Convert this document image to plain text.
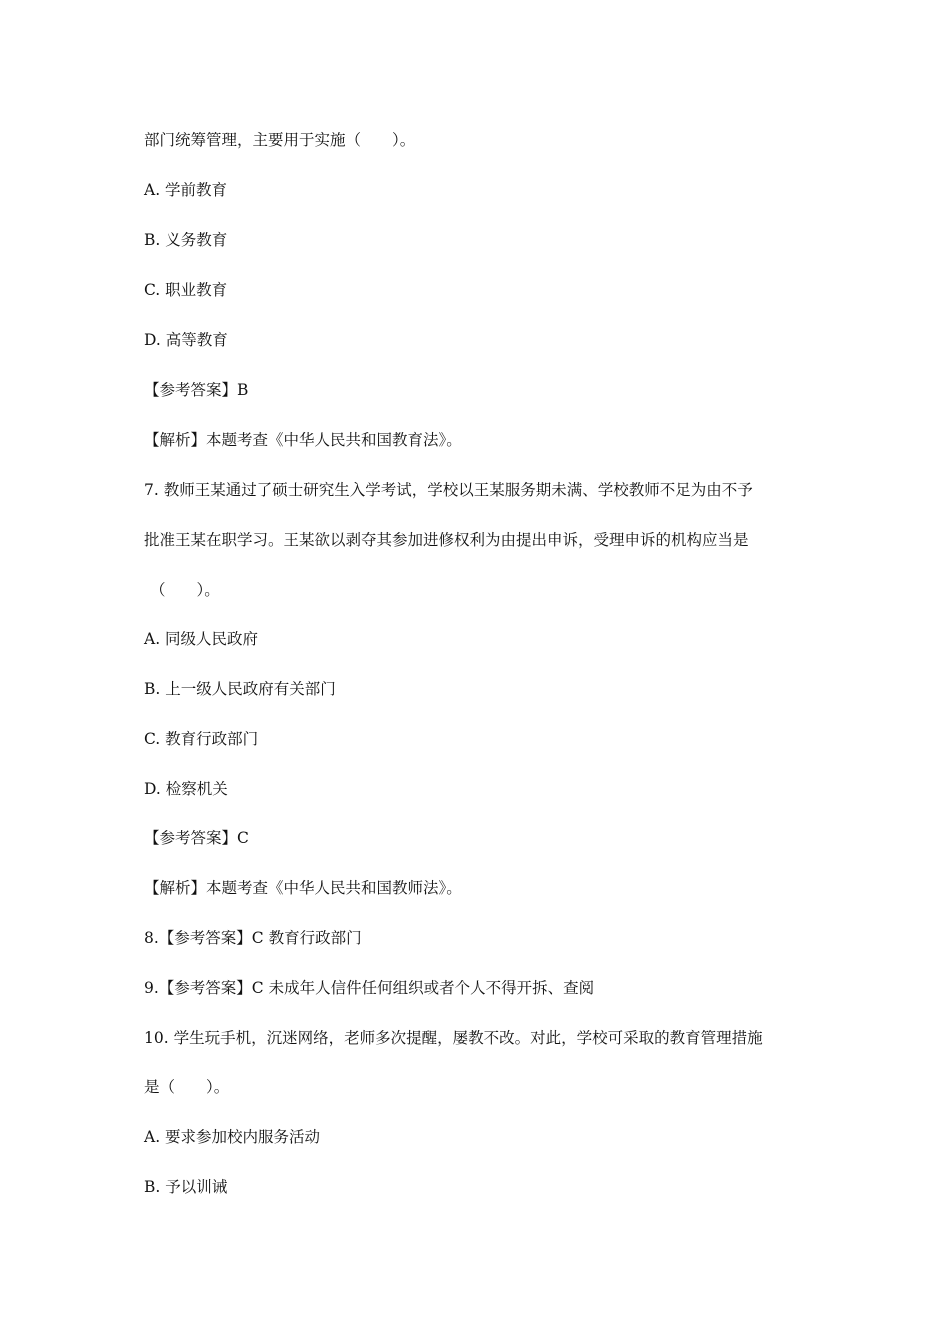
部门统筹管理，主要用于实施（　　）。
A. 学前教育
B. 义务教育
C. 职业教育
D. 高等教育
【参考答案】B
【解析】本题考查《中华人民共和国教育法》。
7. 教师王某通过了硕士研究生入学考试，学校以王某服务期未满、学校教师不足为由不予
批准王某在职学习。王某欲以剥夺其参加进修权利为由提出申诉，受理申诉的机构应当是
（　　）。
A. 同级人民政府
B. 上一级人民政府有关部门
C. 教育行政部门
D. 检察机关
【参考答案】C
【解析】本题考查《中华人民共和国教师法》。
8.【参考答案】C 教育行政部门
9.【参考答案】C 未成年人信件任何组织或者个人不得开拆、查阅
10. 学生玩手机，沉迷网络，老师多次提醒，屡教不改。对此，学校可采取的教育管理措施
是（　　）。
A. 要求参加校内服务活动
B. 予以训诫
